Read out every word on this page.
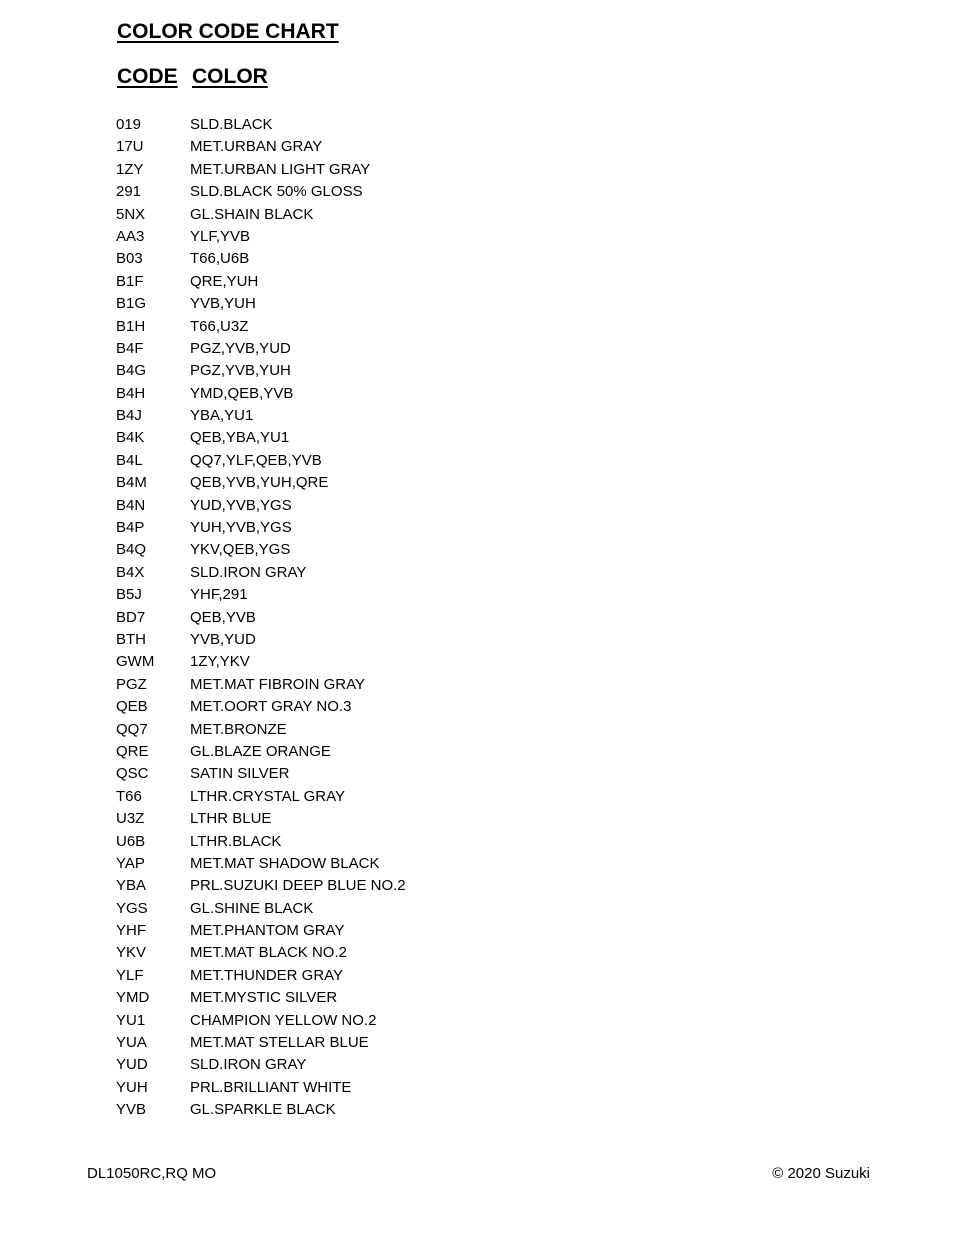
COLOR CODE CHART
CODE COLOR
019	SLD.BLACK
17U	MET.URBAN GRAY
1ZY	MET.URBAN LIGHT GRAY
291	SLD.BLACK 50% GLOSS
5NX	GL.SHAIN BLACK
AA3	YLF,YVB
B03	T66,U6B
B1F	QRE,YUH
B1G	YVB,YUH
B1H	T66,U3Z
B4F	PGZ,YVB,YUD
B4G	PGZ,YVB,YUH
B4H	YMD,QEB,YVB
B4J	YBA,YU1
B4K	QEB,YBA,YU1
B4L	QQ7,YLF,QEB,YVB
B4M	QEB,YVB,YUH,QRE
B4N	YUD,YVB,YGS
B4P	YUH,YVB,YGS
B4Q	YKV,QEB,YGS
B4X	SLD.IRON GRAY
B5J	YHF,291
BD7	QEB,YVB
BTH	YVB,YUD
GWM 1ZY,YKV
PGZ	MET.MAT FIBROIN GRAY
QEB	MET.OORT GRAY NO.3
QQ7	MET.BRONZE
QRE	GL.BLAZE ORANGE
QSC	SATIN SILVER
T66	LTHR.CRYSTAL GRAY
U3Z	LTHR BLUE
U6B	LTHR.BLACK
YAP	MET.MAT SHADOW BLACK
YBA	PRL.SUZUKI DEEP BLUE NO.2
YGS	GL.SHINE BLACK
YHF	MET.PHANTOM GRAY
YKV	MET.MAT BLACK NO.2
YLF	MET.THUNDER GRAY
YMD	MET.MYSTIC SILVER
YU1	CHAMPION YELLOW NO.2
YUA	MET.MAT STELLAR BLUE
YUD	SLD.IRON GRAY
YUH	PRL.BRILLIANT WHITE
YVB	GL.SPARKLE BLACK
DL1050RC,RQ MO	© 2020 Suzuki
